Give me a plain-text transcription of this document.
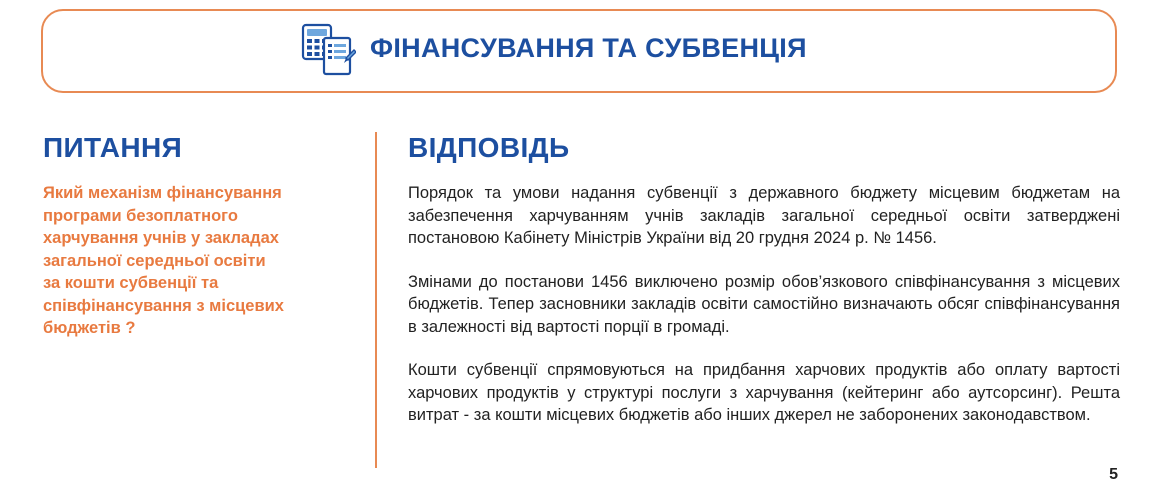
ФІНАНСУВАННЯ ТА СУБВЕНЦІЯ
ПИТАННЯ
Який механізм фінансування
програми безоплатного
харчування учнів у закладах
загальної середньої освіти
за кошти субвенції та
співфінансування з місцевих
бюджетів ?
ВІДПОВІДЬ

Порядок та умови надання субвенції з державного бюджету місцевим бюджетам на забезпечення харчуванням учнів закладів загальної середньої освіти затверджені постановою Кабінету Міністрів України від 20 грудня 2024 р. № 1456.

Змінами до постанови 1456 виключено розмір обов’язкового співфінансування з місцевих бюджетів. Тепер засновники закладів освіти самостійно визначають обсяг співфінансування в залежності від вартості порції в громаді.

Кошти субвенції спрямовуються на придбання харчових продуктів або оплату вартості харчових продуктів у структурі послуги з харчування (кейтеринг або аутсорсинг). Решта витрат - за кошти місцевих бюджетів або інших джерел не заборонених законодавством.

5
